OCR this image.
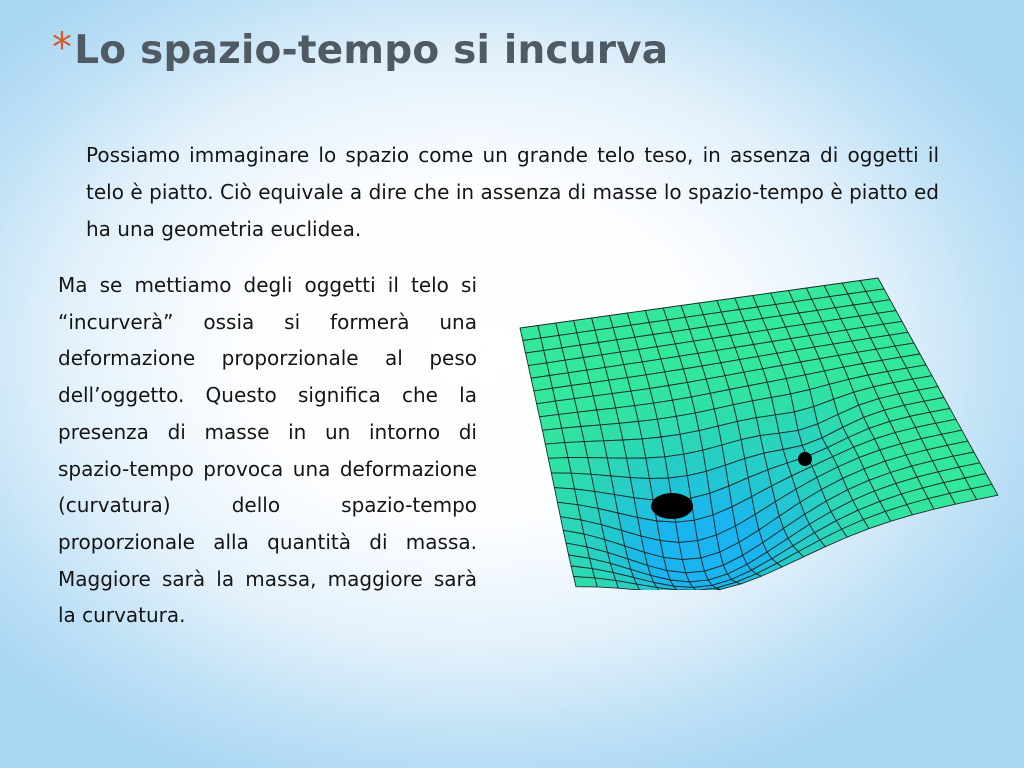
*Lo spazio-tempo si incurva

Possiamo immaginare lo spazio come un grande telo teso, in assenza di oggetti il telo è piatto. Ciò equivale a dire che in assenza di masse lo spazio-tempo è piatto ed ha una geometria euclidea.

Ma se mettiamo degli oggetti il telo si “incurverà” ossia si formerà una deformazione proporzionale al peso dell’oggetto. Questo significa che la presenza di masse in un intorno di spazio-tempo provoca una deformazione (curvatura) dello spazio-tempo proporzionale alla quantità di massa. Maggiore sarà la massa, maggiore sarà la curvatura.
